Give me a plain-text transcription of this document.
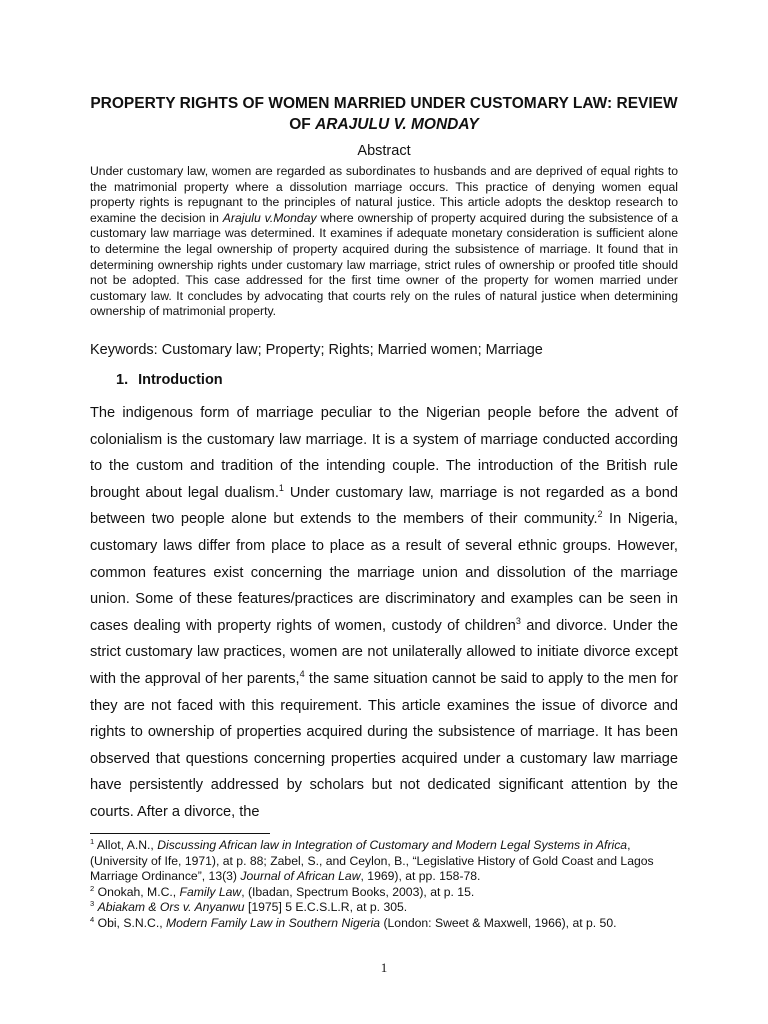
PROPERTY RIGHTS OF WOMEN MARRIED UNDER CUSTOMARY LAW: REVIEW
OF ARAJULU V. MONDAY
Abstract
Under customary law, women are regarded as subordinates to husbands and are deprived of equal rights to the matrimonial property where a dissolution marriage occurs. This practice of denying women equal property rights is repugnant to the principles of natural justice. This article adopts the desktop research to examine the decision in Arajulu v.Monday where ownership of property acquired during the subsistence of a customary law marriage was determined. It examines if adequate monetary consideration is sufficient alone to determine the legal ownership of property acquired during the subsistence of marriage. It found that in determining ownership rights under customary law marriage, strict rules of ownership or proofed title should not be adopted. This case addressed for the first time owner of the property for women married under customary law. It concludes by advocating that courts rely on the rules of natural justice when determining ownership of matrimonial property.
Keywords: Customary law; Property; Rights; Married women; Marriage
1. Introduction

The indigenous form of marriage peculiar to the Nigerian people before the advent of colonialism is the customary law marriage. It is a system of marriage conducted according to the custom and tradition of the intending couple. The introduction of the British rule brought about legal dualism.$^1$ Under customary law, marriage is not regarded as a bond between two people alone but extends to the members of their community.$^2$ In Nigeria, customary laws differ from place to place as a result of several ethnic groups. However, common features exist concerning the marriage union and dissolution of the marriage union. Some of these features/practices are discriminatory and examples can be seen in cases dealing with property rights of women, custody of children$^3$ and divorce. Under the strict customary law practices, women are not unilaterally allowed to initiate divorce except with the approval of her parents,$^4$ the same situation cannot be said to apply to the men for they are not faced with this requirement. This article examines the issue of divorce and rights to ownership of properties acquired during the subsistence of marriage. It has been observed that questions concerning properties acquired under a customary law marriage have persistently addressed by scholars but not dedicated significant attention by the courts. After a divorce, the

$^1$ Allot, A.N., Discussing African law in Integration of Customary and Modern Legal Systems in Africa, (University of Ife, 1971), at p. 88; Zabel, S., and Ceylon, B., “Legislative History of Gold Coast and Lagos Marriage Ordinance”, 13(3) Journal of African Law, 1969), at pp. 158-78.

$^2$ Onokah, M.C., Family Law, (Ibadan, Spectrum Books, 2003), at p. 15.

$^3$ Abiakam & Ors v. Anyanwu [1975] 5 E.C.S.L.R, at p. 305.

$^4$ Obi, S.N.C., Modern Family Law in Southern Nigeria (London: Sweet & Maxwell, 1966), at p. 50.

1
